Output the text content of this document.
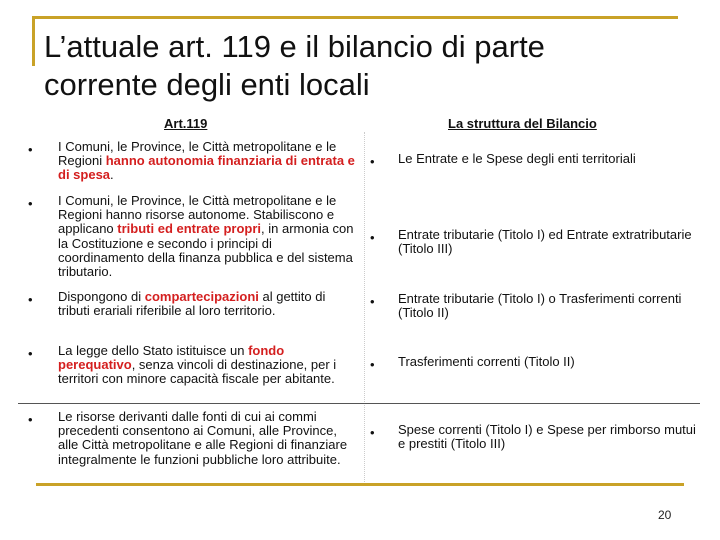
L’attuale art. 119 e il bilancio di parte
corrente degli enti locali
Art.119	La struttura del Bilancio
• I Comuni, le Province, le Città metropolitane e le Regioni hanno autonomia finanziaria di entrata e di spesa.
• Le Entrate e le Spese degli enti territoriali
• I Comuni, le Province, le Città metropolitane e le Regioni hanno risorse autonome. Stabiliscono e applicano tributi ed entrate propri, in armonia con la Costituzione e secondo i principi di coordinamento della finanza pubblica e del sistema tributario.
• Entrate tributarie (Titolo I) ed Entrate extratributarie (Titolo III)
• Dispongono di compartecipazioni al gettito di tributi erariali riferibile al loro territorio.
• Entrate tributarie (Titolo I) o Trasferimenti correnti (Titolo II)
• La legge dello Stato istituisce un fondo perequativo, senza vincoli di destinazione, per i territori con minore capacità fiscale per abitante.
• Trasferimenti correnti (Titolo II)
• Le risorse derivanti dalle fonti di cui ai commi precedenti consentono ai Comuni, alle Province, alle Città metropolitane e alle Regioni di finanziare integralmente le funzioni pubbliche loro attribuite.
• Spese correnti (Titolo I) e Spese per rimborso mutui e prestiti (Titolo III)
20
